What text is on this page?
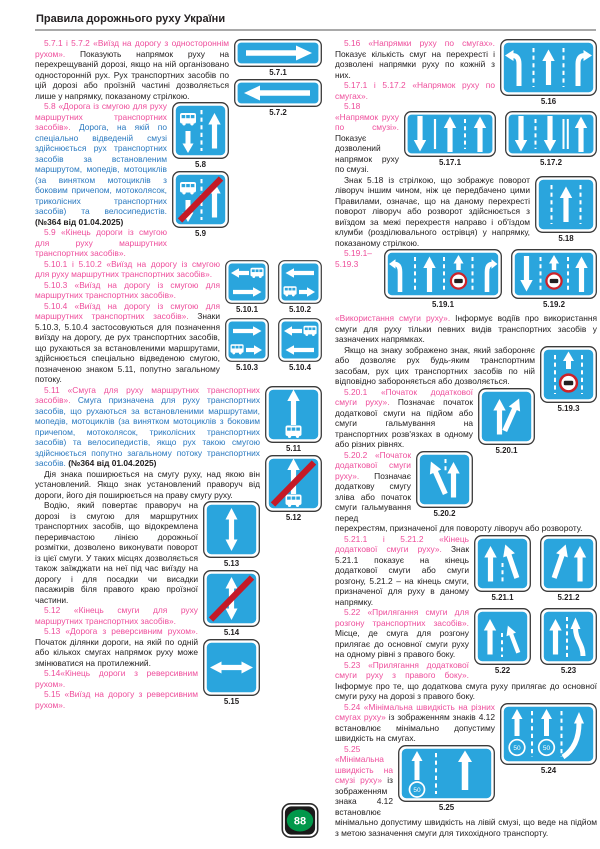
Правила дорожнього руху України
5.7.1
5.7.2

5.7.1 і 5.7.2 «Виїзд на дорогу з одностороннім рухом». Показують напрямок руху на перехрещуваній дорозі, якщо на ній організовано односторонній рух. Рух транспортних засобів по цій дорозі або проїзній частині дозволяється лише у напрямку, показаному стрілкою.

5.8
5.9

5.8 «Дорога із смугою для руху маршрутних транспортних засобів». Дорога, на якій по спеціально відведеній смузі здійснюється рух транспортних засобів за встановленим маршрутом, мопедів, мотоциклів (за винятком мотоциклів з боковим причепом, мотоколясок, триколісних транспортних засобів) та велосипедистів. (№364 від 01.04.2025)

5.9 «Кінець дороги із смугою для руху маршрутних транспортних засобів».

5.10.1	5.10.2
5.10.3	5.10.4

5.10.1 і 5.10.2 «Виїзд на дорогу із смугою для руху маршрутних транспортних засобів».

5.10.3 «Виїзд на дорогу із смугою для маршрутних транспортних засобів».

5.10.4 «Виїзд на дорогу із смугою для маршрутних транспортних засобів». Знаки 5.10.3, 5.10.4 застосовуються для позначення виїзду на дорогу, де рух транспортних засобів, що рухаються за встановленими маршрутами, здійснюється спеціально відведеною смугою, позначеною знаком 5.11, попутно загальному потоку.

5.11
5.12

5.11 «Смуга для руху маршрутних транспортних засобів». Смуга призначена для руху транспортних засобів, що рухаються за встановленими маршрутами, мопедів, мотоциклів (за винятком мотоциклів з боковим причепом, мотоколясок, триколісних транспортних засобів) та велосипедистів, якщо рух такою смугою здійснюється попутно загальному потоку транспортних засобів. (№364 від 01.04.2025)

Дія знака поширюється на смугу руху, над якою він установлений. Якщо знак установлений праворуч від дороги, його дія поширюється на праву смугу руху.

5.13
5.14
5.15

Водію, який повертає праворуч на дорозі із смугою для маршрутних транспортних засобів, що відокремлена переривчастою лінією дорожньої розмітки, дозволено виконувати поворот із цієї смуги. У таких місцях дозволяється також заїжджати на неї під час виїзду на дорогу і для посадки чи висадки пасажирів біля правого краю проїзної частини.

5.12 «Кінець смуги для руху маршрутних транспортних засобів».

5.13 «Дорога з реверсивним рухом». Початок ділянки дороги, на якій по одній або кількох смугах напрямок руху може змінюватися на протилежний.

5.14«Кінець дороги з реверсивним рухом».

5.15 «Виїзд на дорогу з реверсивним рухом».

5.16

5.16 «Напрямки руху по смугах». Показує кількість смуг на перехресті і дозволені напрямки руху по кожній з них.

5.17.1 і 5.17.2 «Напрямок руху по смугах».

5.17.1	5.17.2

5.18 «Напрямок руху по смузі». Показує дозволений напрямок руху по смузі.

5.18

Знак 5.18 із стрілкою, що зображує поворот ліворуч іншим чином, ніж це передбачено цими Правилами, означає, що на даному перехресті поворот ліворуч або розворот здійснюється з виїздом за межі перехрестя направо і об'їздом клумби (розділювального острівця) у напрямку, показаному стрілкою.

5.19.1	5.19.2

5.19.1–5.19.3 «Використання смуги руху». Інформує водіїв про використання смуги для руху тільки певних видів транспортних засобів у зазначених напрямках.

5.19.3

Якщо на знаку зображено знак, який забороняє або дозволяє рух будь-яким транспортним засобам, рух цих транспортних засобів по ній відповідно забороняється або дозволяється.

5.20.1

5.20.1 «Початок додаткової смуги руху». Позначає початок додаткової смуги на підйом або смуги гальмування на транспортних розв'язках в одному або різних рівнях.

5.20.2

5.20.2 «Початок додаткової смуги руху». Позначає додаткову смугу зліва або початок смуги гальмування перед перехрестям, призначеної для повороту ліворуч або розвороту.

5.21.1	5.21.2

5.21.1 і 5.21.2 «Кінець додаткової смуги руху». Знак 5.21.1 показує на кінець додаткової смуги або смуги розгону, 5.21.2 – на кінець смуги, призначеної для руху в даному напрямку.

5.22	5.23

5.22 «Прилягання смуги для розгону транспортних засобів». Місце, де смуга для розгону прилягає до основної смуги руху на одному рівні з правого боку.

5.23 «Прилягання додаткової смуги руху з правого боку». Інформує про те, що додаткова смуга руху прилягає до основної смуги руху на дорозі з правого боку.

50	50
5.24

5.24 «Мінімальна швидкість на різних смугах руху» із зображенням знаків 4.12 встановлює мінімально допустиму швидкість на смугах.

50
5.25

5.25 «Мінімальна швидкість на смузі руху» із зображенням знака 4.12 встановлює мінімально допустиму швидкість на лівій смузі, що веде на підйом з метою зазначення смуги для тихохідного транспорту.

88
